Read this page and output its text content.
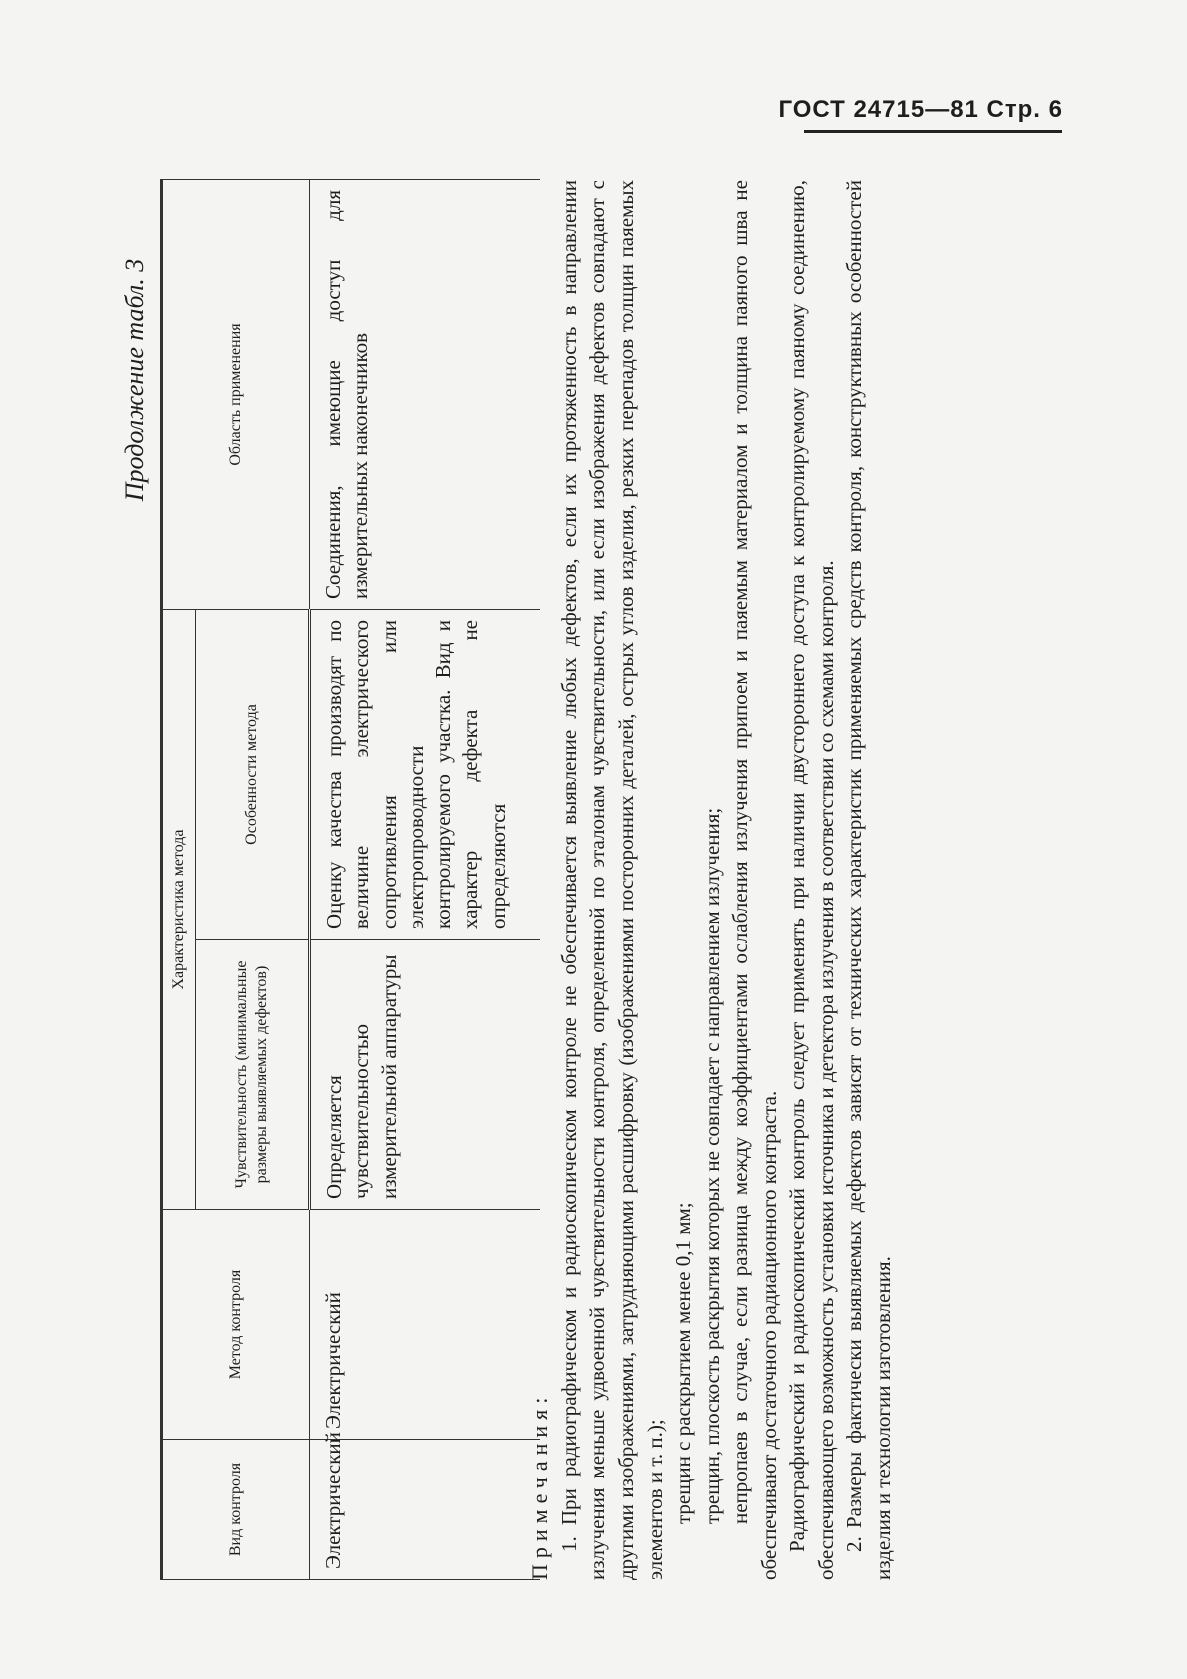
ГОСТ 24715—81 Стр. 6
Продолжение табл. 3
Вид контроля	Метод контроля	Характеристика метода		Область применения
		Чувствительность (минимальные размеры выявляемых дефектов)	Особенности метода	
Электрический	Электрический	Определяется чувствительностью измерительной аппаратуры	Оценку качества производят по величине электрического сопротивления или электропроводности контролируемого участка. Вид и характер дефекта не определяются	Соединения, имеющие доступ для измерительных наконечников

Примечания: 1. При радиографическом и радиоскопическом контроле не обеспечивается выявление любых дефектов, если их протяженность в направлении излучения меньше удвоенной чувствительности контроля, определенной по эталонам чувствительности, или если изображения дефектов совпадают с другими изображениями, затрудняющими расшифровку (изображениями посторонних деталей, острых углов изделия, резких перепадов толщин паяемых элементов и т. п.); трещин с раскрытием менее 0,1 мм; трещин, плоскость раскрытия которых не совпадает с направлением излучения; непропаев в случае, если разница между коэффициентами ослабления излучения припоем и паяемым материалом и толщина паяного шва не обеспечивают достаточного радиационного контраста. Радиографический и радиоскопический контроль следует применять при наличии двустороннего доступа к контролируемому паяному соединению, обеспечивающего возможность установки источника и детектора излучения в соответствии со схемами контроля. 2. Размеры фактически выявляемых дефектов зависят от технических характеристик применяемых средств контроля, конструктивных особенностей изделия и технологии изготовления.
